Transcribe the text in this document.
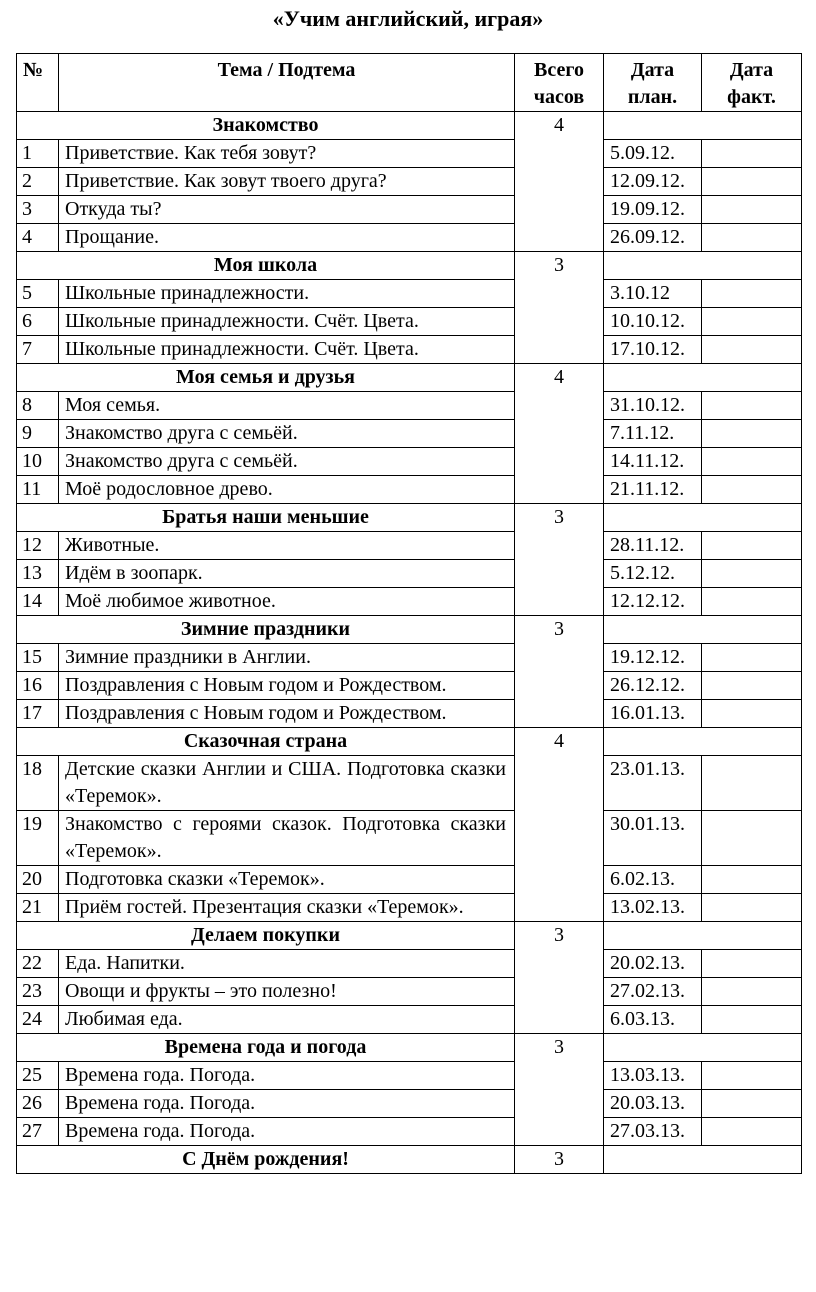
«Учим английский, играя»
№	Тема / Подтема	Всего часов	Дата план.	Дата факт.
Знакомство		4		
1	Приветствие. Как тебя зовут?		5.09.12.	
2	Приветствие. Как зовут твоего друга?		12.09.12.	
3	Откуда ты?		19.09.12.	
4	Прощание.		26.09.12.	
Моя школа		3		
5	Школьные принадлежности.		3.10.12	
6	Школьные принадлежности. Счёт. Цвета.		10.10.12.	
7	Школьные принадлежности. Счёт. Цвета.		17.10.12.	
Моя семья и друзья		4		
8	Моя семья.		31.10.12.	
9	Знакомство друга с семьёй.		7.11.12.	
10	Знакомство друга с семьёй.		14.11.12.	
11	Моё родословное древо.		21.11.12.	
Братья наши меньшие		3		
12	Животные.		28.11.12.	
13	Идём в зоопарк.		5.12.12.	
14	Моё любимое животное.		12.12.12.	
Зимние праздники		3		
15	Зимние праздники в Англии.		19.12.12.	
16	Поздравления с Новым годом и Рождеством.		26.12.12.	
17	Поздравления с Новым годом и Рождеством.		16.01.13.	
Сказочная страна		4		
18	Детские сказки Англии и США. Подготовка сказки «Теремок».		23.01.13.	
19	Знакомство с героями сказок. Подготовка сказки «Теремок».		30.01.13.	
20	Подготовка сказки «Теремок».		6.02.13.	
21	Приём гостей. Презентация сказки «Теремок».		13.02.13.	
Делаем покупки		3		
22	Еда. Напитки.		20.02.13.	
23	Овощи и фрукты – это полезно!		27.02.13.	
24	Любимая еда.		6.03.13.	
Времена года и погода		3		
25	Времена года. Погода.		13.03.13.	
26	Времена года. Погода.		20.03.13.	
27	Времена года. Погода.		27.03.13.	
С Днём рождения!		3		
